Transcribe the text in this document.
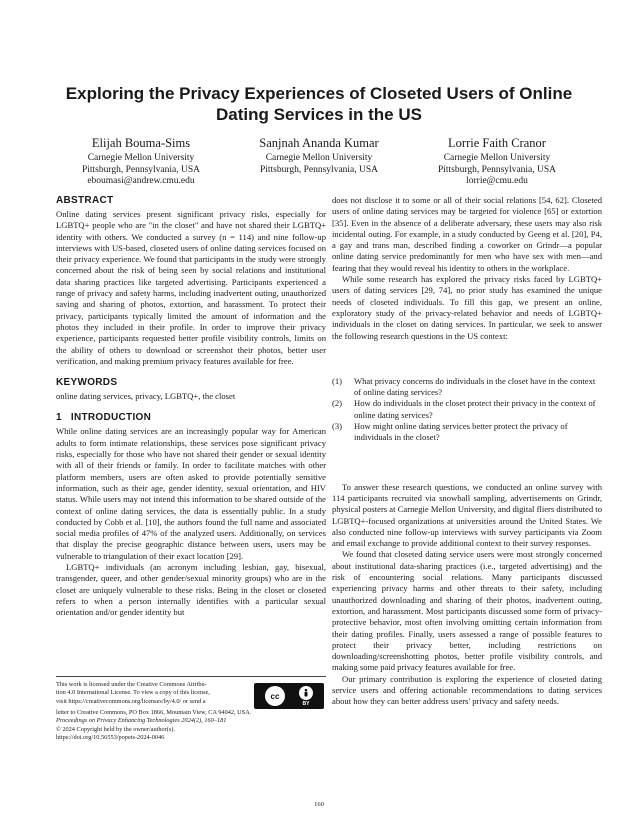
Exploring the Privacy Experiences of Closeted Users of Online Dating Services in the US
Elijah Bouma-Sims
Carnegie Mellon University
Pittsburgh, Pennsylvania, USA
eboumasi@andrew.cmu.edu
Sanjnah Ananda Kumar
Carnegie Mellon University
Pittsburgh, Pennsylvania, USA
Lorrie Faith Cranor
Carnegie Mellon University
Pittsburgh, Pennsylvania, USA
lorrie@cmu.edu
ABSTRACT

Online dating services present significant privacy risks, especially for LGBTQ+ people who are "in the closet" and have not shared their LGBTQ+ identity with others. We conducted a survey (n = 114) and nine follow-up interviews with US-based, closeted users of online dating services focused on their privacy experience. We found that participants in the study were strongly concerned about the risk of being seen by social relations and institutional data sharing practices like targeted advertising. Participants experienced a range of privacy and safety harms, including inadvertent outing, unauthorized saving and sharing of photos, extortion, and harassment. To protect their privacy, participants typically limited the amount of information and the photos they included in their profile. In order to improve their privacy experience, participants requested better profile visibility controls, limits on the ability of others to download or screenshot their photos, better user verification, and making premium privacy features available for free.

KEYWORDS

online dating services, privacy, LGBTQ+, the closet

1 INTRODUCTION

While online dating services are an increasingly popular way for American adults to form intimate relationships, these services pose significant privacy risks, especially for those who have not shared their gender or sexual identity with all of their friends or family. In order to facilitate matches with other platform members, users are often asked to provide potentially sensitive information, such as their age, gender identity, sexual orientation, and HIV status. While users may not intend this information to be shared outside of the context of online dating services, the data is essentially public. In a study conducted by Cobb et al. [10], the authors found the full name and associated social media profiles of 47% of the analyzed users. Additionally, on services that display the precise geographic distance between users, users may be vulnerable to triangulation of their exact location [29].

LGBTQ+ individuals (an acronym including lesbian, gay, bisexual, transgender, queer, and other gender/sexual minority groups) who are in the closet are uniquely vulnerable to these risks. Being in the closet or closeted refers to when a person internally identifies with a particular sexual orientation and/or gender identity but

This work is licensed under the Creative Commons Attribu-
tion 4.0 International License. To view a copy of this license,
visit https://creativecommons.org/licenses/by/4.0/ or send a
cc
BY
letter to Creative Commons, PO Box 1866, Mountain View, CA 94042, USA.
Proceedings on Privacy Enhancing Technologies 2024(2), 160–181
© 2024 Copyright held by the owner/author(s).
https://doi.org/10.56553/popets-2024-0046

does not disclose it to some or all of their social relations [54, 62]. Closeted users of online dating services may be targeted for violence [65] or extortion [35]. Even in the absence of a deliberate adversary, these users may also risk incidental outing. For example, in a study conducted by Geeng et al. [20], P4, a gay and trans man, described finding a coworker on Grindr—a popular online dating service predominantly for men who have sex with men—and fearing that they would reveal his identity to others in the workplace.

While some research has explored the privacy risks faced by LGBTQ+ users of dating services [29, 74], no prior study has examined the unique needs of closeted individuals. To fill this gap, we present an online, exploratory study of the privacy-related behavior and needs of LGBTQ+ individuals in the closet on dating services. In particular, we seek to answer the following research questions in the US context:

(1)	What privacy concerns do individuals in the closet have in the context of online dating services?
(2)	How do individuals in the closet protect their privacy in the context of online dating services?
(3)	How might online dating services better protect the privacy of individuals in the closet?

To answer these research questions, we conducted an online survey with 114 participants recruited via snowball sampling, advertisements on Grindr, physical posters at Carnegie Mellon University, and digital fliers distributed to LGBTQ+-focused organizations at universities around the United States. We also conducted nine follow-up interviews with survey participants via Zoom and email exchange to provide additional context to their survey responses.

We found that closeted dating service users were most strongly concerned about institutional data-sharing practices (i.e., targeted advertising) and the risk of encountering social relations. Many participants discussed experiencing privacy harms and other threats to their safety, including unauthorized downloading and sharing of their photos, inadvertent outing, extortion, and harassment. Most participants discussed some form of privacy-protective behavior, most often involving omitting certain information from their dating profiles. Finally, users assessed a range of possible features to protect their privacy better, including restrictions on downloading/screenshotting photos, better profile visibility controls, and making some paid privacy features available for free.

Our primary contribution is exploring the experience of closeted dating service users and offering actionable recommendations to dating services about how they can better address users' privacy and safety needs.

160
